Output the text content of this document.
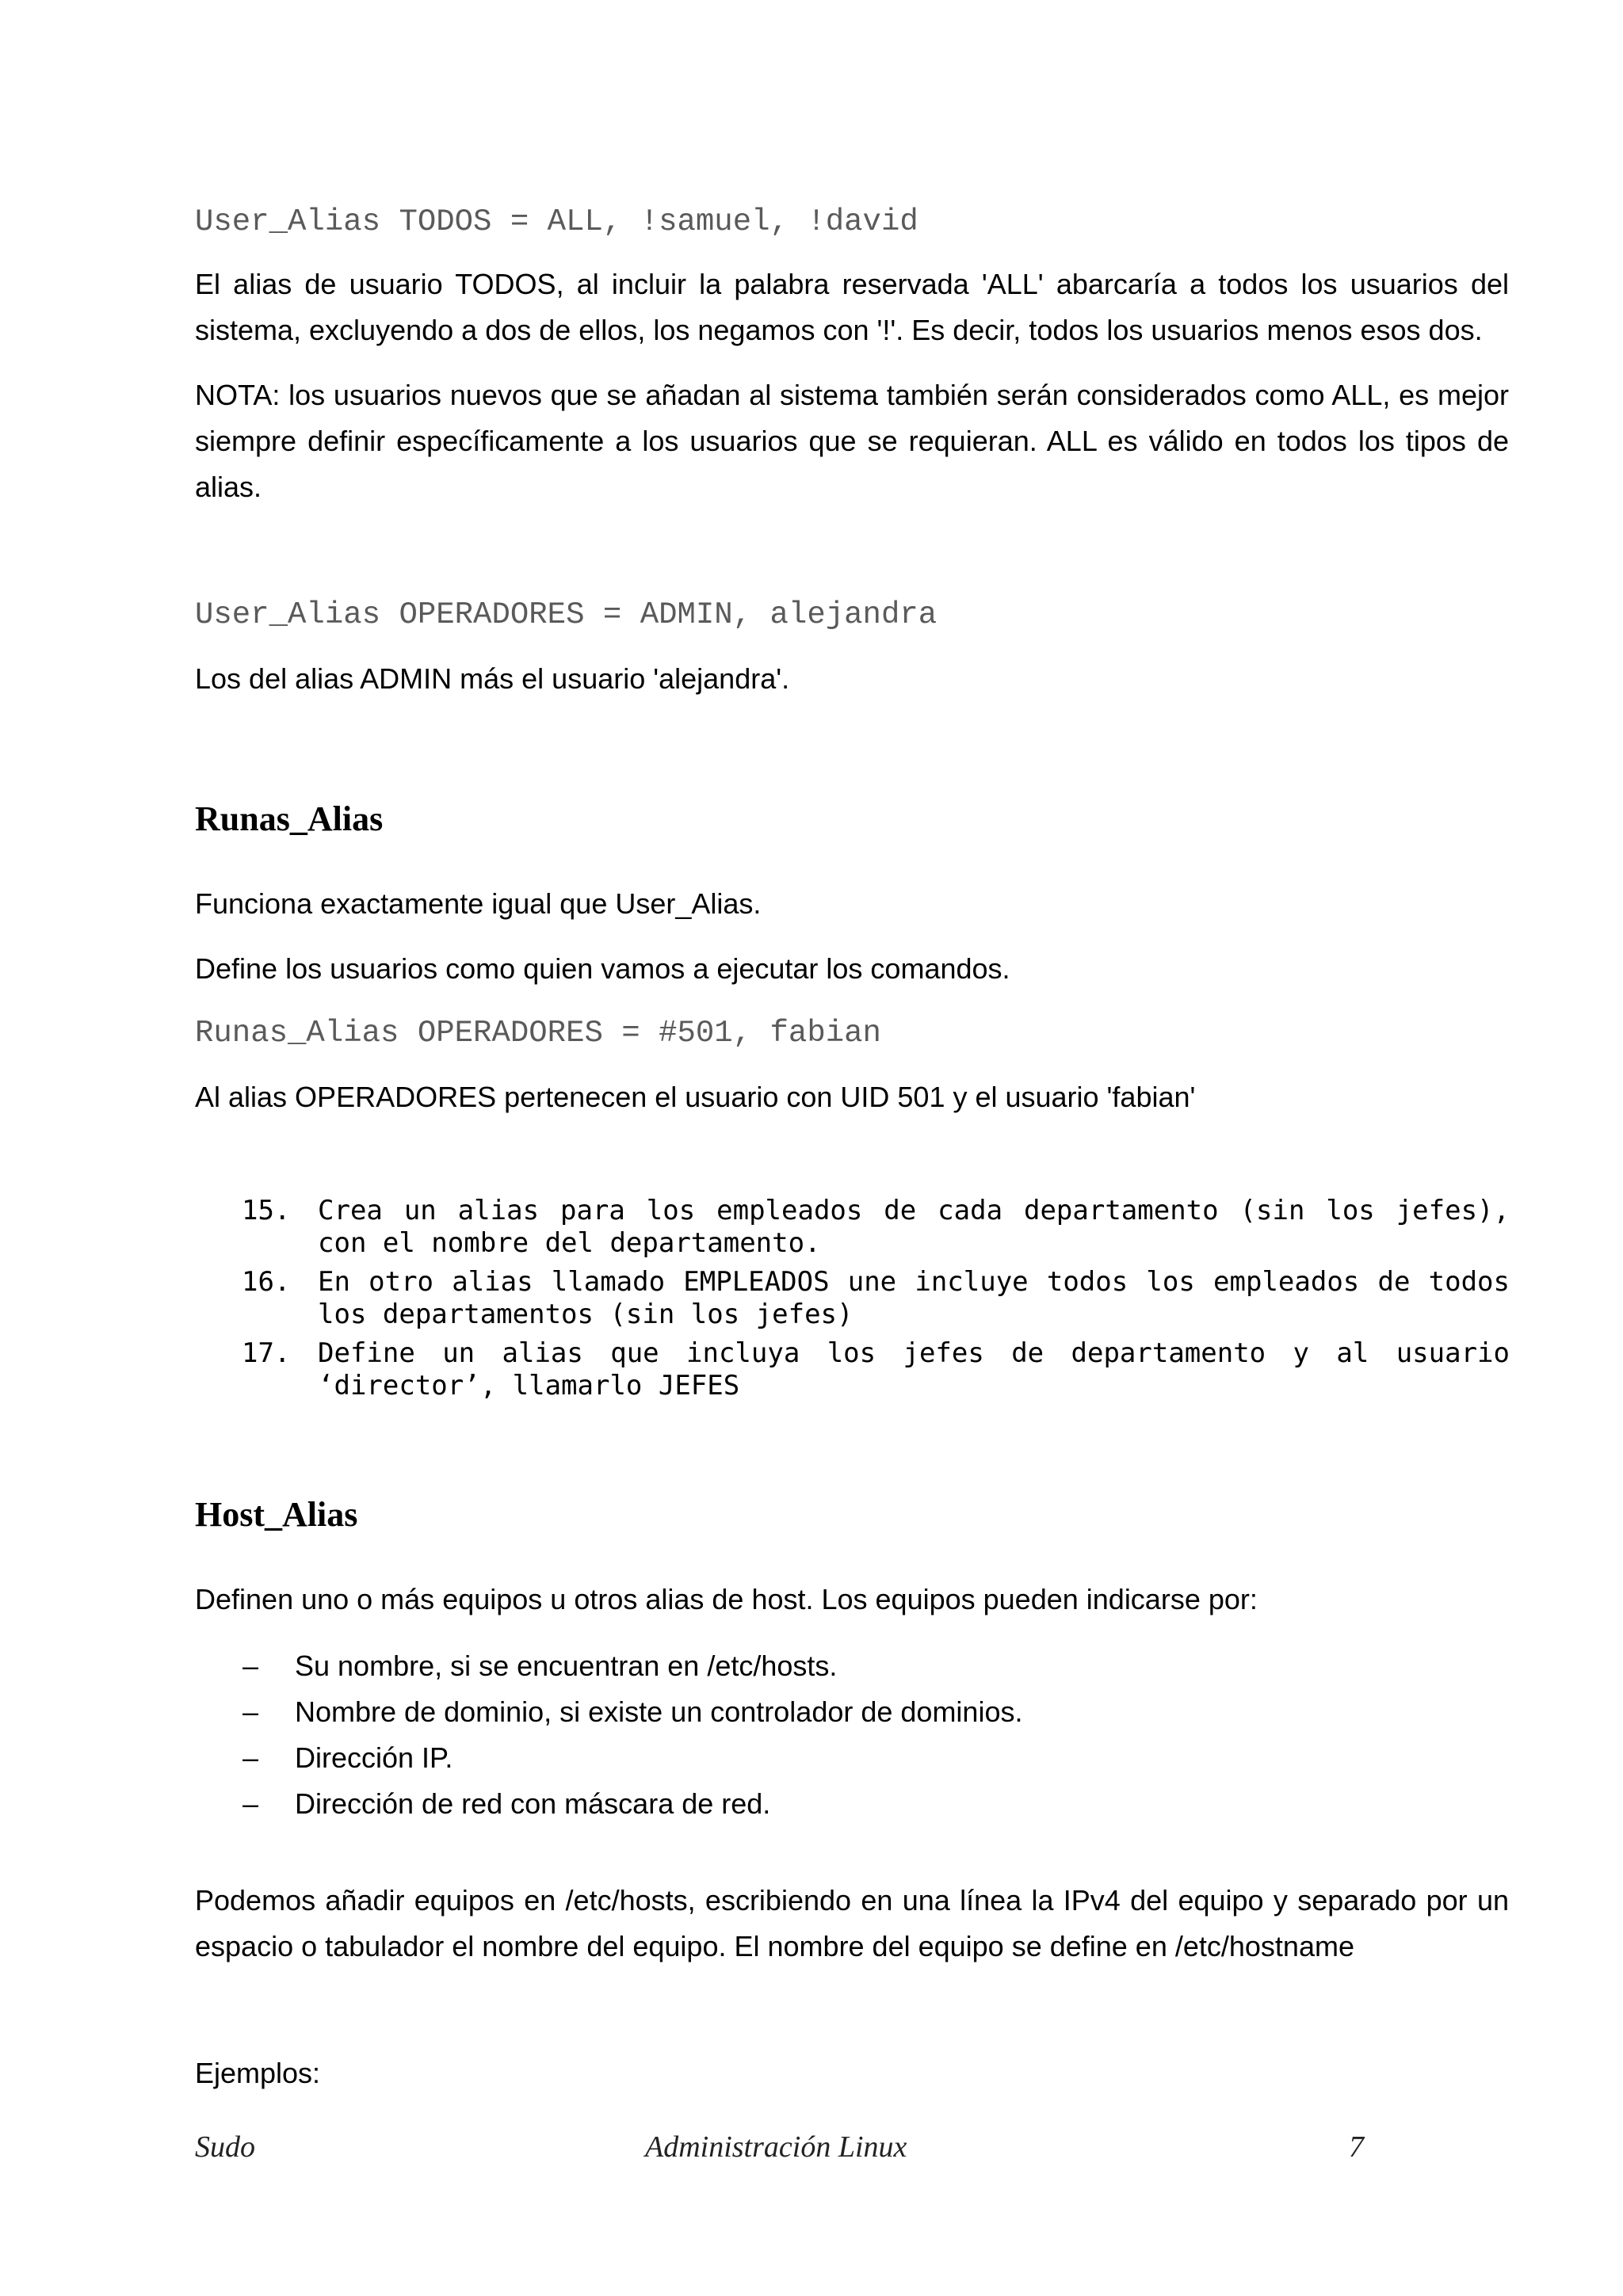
User_Alias TODOS = ALL, !samuel, !david
El alias de usuario TODOS, al incluir la palabra reservada 'ALL' abarcaría a todos los usuarios del sistema, excluyendo a dos de ellos, los negamos con '!'. Es decir, todos los usuarios menos esos dos.
NOTA: los usuarios nuevos que se añadan al sistema también serán considerados como ALL, es mejor siempre definir específicamente a los usuarios que se requieran. ALL es válido en todos los tipos de alias.
User_Alias OPERADORES = ADMIN, alejandra
Los del alias ADMIN más el usuario 'alejandra'.
Runas_Alias
Funciona exactamente igual que User_Alias.
Define los usuarios como quien vamos a ejecutar los comandos.
Runas_Alias OPERADORES = #501, fabian
Al alias OPERADORES pertenecen el usuario con UID 501 y el usuario 'fabian'
15.	Crea un alias para los empleados de cada departamento (sin los jefes), con el nombre del departamento.
16.	En otro alias llamado EMPLEADOS une incluye todos los empleados de todos los departamentos (sin los jefes)
17.	Define un alias que incluya los jefes de departamento y al usuario ‘director’, llamarlo JEFES
Host_Alias
Definen uno o más equipos u otros alias de host. Los equipos pueden indicarse por:
–	Su nombre, si se encuentran en /etc/hosts.
–	Nombre de dominio, si existe un controlador de dominios.
–	Dirección IP.
–	Dirección de red con máscara de red.
Podemos añadir equipos en /etc/hosts, escribiendo en una línea la IPv4 del equipo y separado por un espacio o tabulador el nombre del equipo. El nombre del equipo se define en /etc/hostname
Ejemplos:
Sudo	Administración Linux	7
